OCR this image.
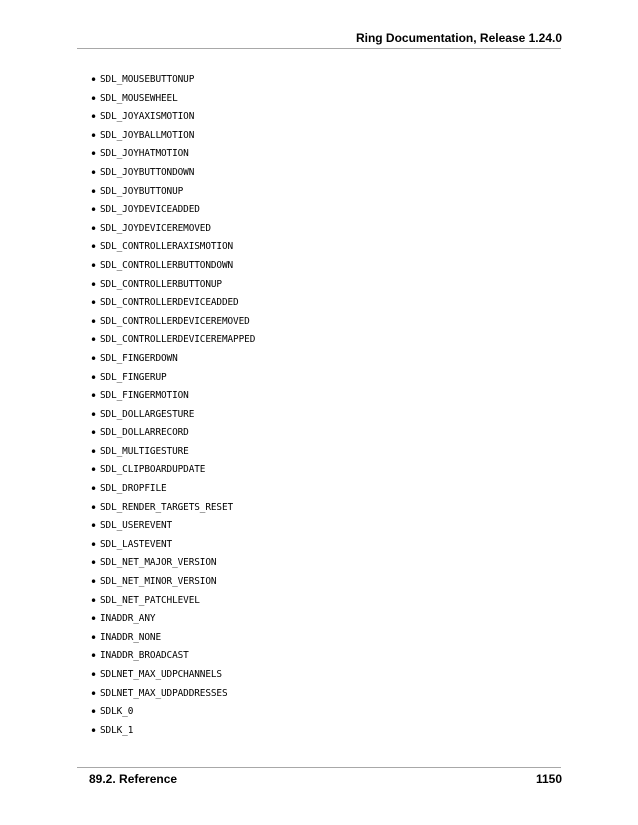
Ring Documentation, Release 1.24.0
• SDL_MOUSEBUTTONUP
• SDL_MOUSEWHEEL
• SDL_JOYAXISMOTION
• SDL_JOYBALLMOTION
• SDL_JOYHATMOTION
• SDL_JOYBUTTONDOWN
• SDL_JOYBUTTONUP
• SDL_JOYDEVICEADDED
• SDL_JOYDEVICEREMOVED
• SDL_CONTROLLERAXISMOTION
• SDL_CONTROLLERBUTTONDOWN
• SDL_CONTROLLERBUTTONUP
• SDL_CONTROLLERDEVICEADDED
• SDL_CONTROLLERDEVICEREMOVED
• SDL_CONTROLLERDEVICEREMAPPED
• SDL_FINGERDOWN
• SDL_FINGERUP
• SDL_FINGERMOTION
• SDL_DOLLARGESTURE
• SDL_DOLLARRECORD
• SDL_MULTIGESTURE
• SDL_CLIPBOARDUPDATE
• SDL_DROPFILE
• SDL_RENDER_TARGETS_RESET
• SDL_USEREVENT
• SDL_LASTEVENT
• SDL_NET_MAJOR_VERSION
• SDL_NET_MINOR_VERSION
• SDL_NET_PATCHLEVEL
• INADDR_ANY
• INADDR_NONE
• INADDR_BROADCAST
• SDLNET_MAX_UDPCHANNELS
• SDLNET_MAX_UDPADDRESSES
• SDLK_0
• SDLK_1
89.2. Reference	1150
